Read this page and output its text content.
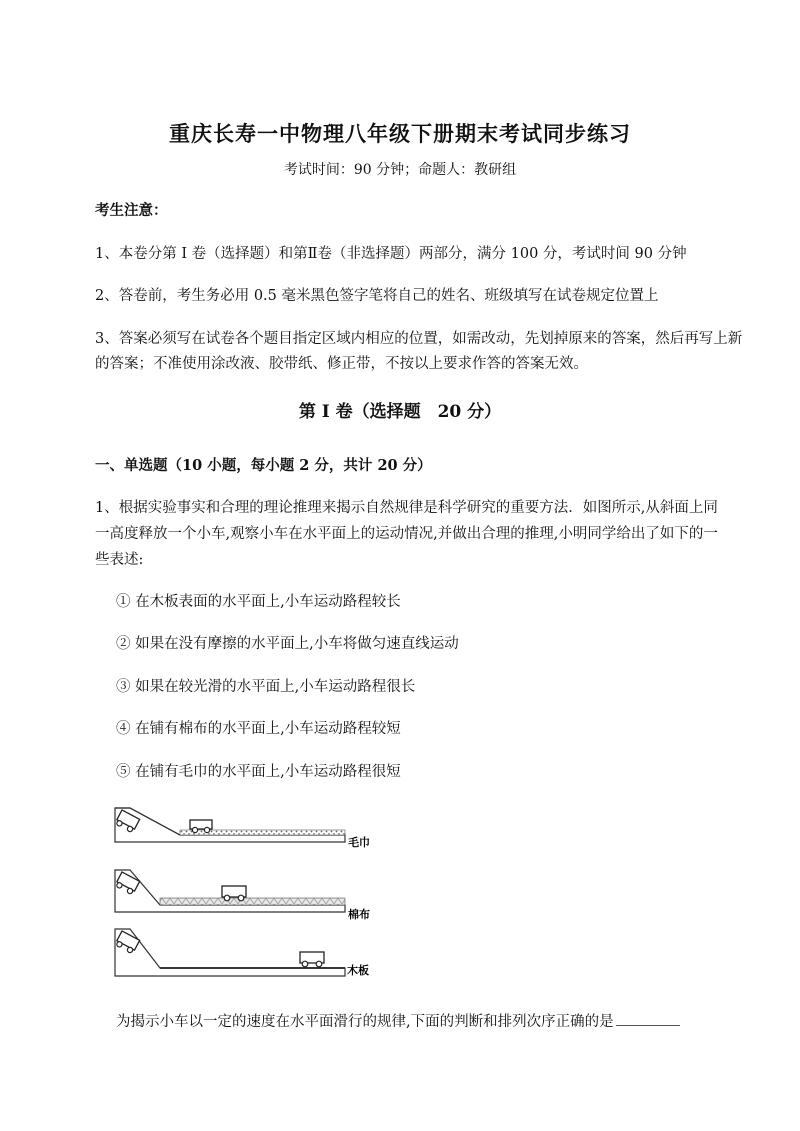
重庆长寿一中物理八年级下册期末考试同步练习
考试时间：90 分钟；命题人：教研组
考生注意：
1、本卷分第 I 卷（选择题）和第Ⅱ卷（非选择题）两部分，满分 100 分，考试时间 90 分钟
2、答卷前，考生务必用 0.5 毫米黑色签字笔将自己的姓名、班级填写在试卷规定位置上
3、答案必须写在试卷各个题目指定区域内相应的位置，如需改动，先划掉原来的答案，然后再写上新
的答案；不准使用涂改液、胶带纸、修正带，不按以上要求作答的答案无效。
第 I 卷（选择题　20 分）
一、单选题（10 小题，每小题 2 分，共计 20 分）
1、根据实验事实和合理的理论推理来揭示自然规律是科学研究的重要方法．如图所示,从斜面上同
一高度释放一个小车,观察小车在水平面上的运动情况,并做出合理的推理,小明同学给出了如下的一
些表述:
① 在木板表面的水平面上,小车运动路程较长
② 如果在没有摩擦的水平面上,小车将做匀速直线运动
③ 如果在较光滑的水平面上,小车运动路程很长
④ 在铺有棉布的水平面上,小车运动路程较短
⑤ 在铺有毛巾的水平面上,小车运动路程很短
毛巾
棉布
木板
为揭示小车以一定的速度在水平面滑行的规律,下面的判断和排列次序正确的是
